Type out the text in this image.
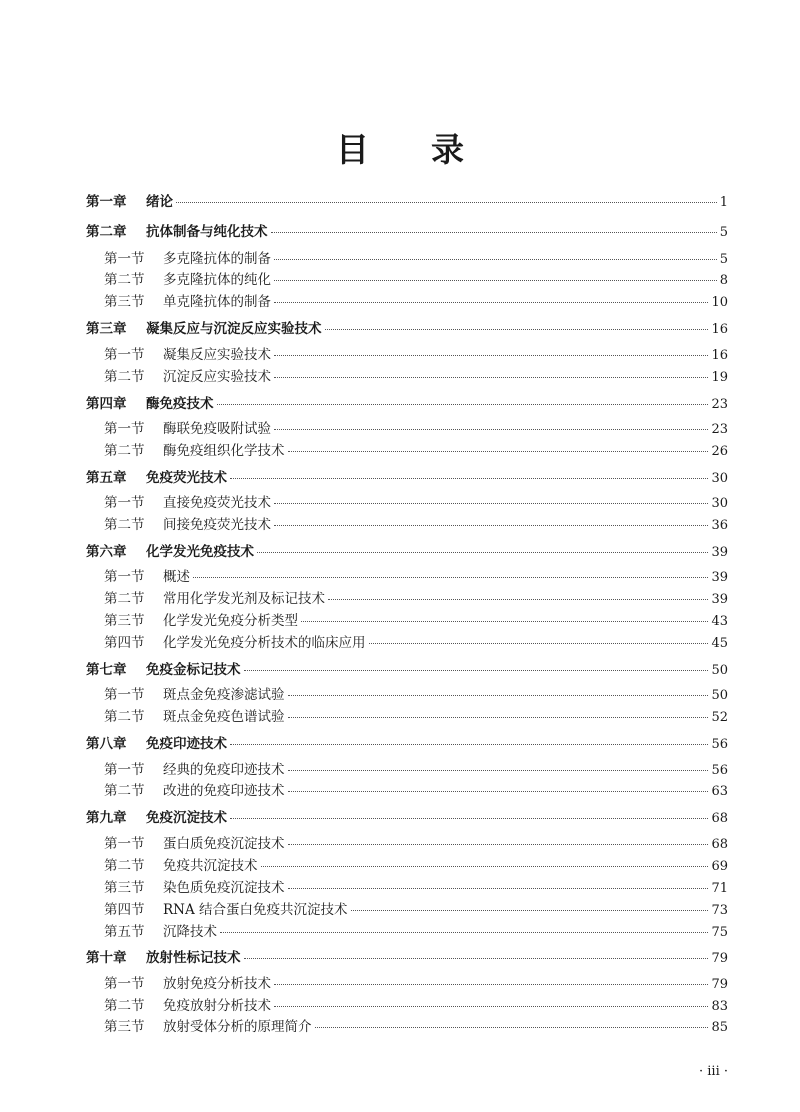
目 录
第一章	绪论	1
第二章	抗体制备与纯化技术	5
第一节	多克隆抗体的制备	5
第二节	多克隆抗体的纯化	8
第三节	单克隆抗体的制备	10
第三章	凝集反应与沉淀反应实验技术	16
第一节	凝集反应实验技术	16
第二节	沉淀反应实验技术	19
第四章	酶免疫技术	23
第一节	酶联免疫吸附试验	23
第二节	酶免疫组织化学技术	26
第五章	免疫荧光技术	30
第一节	直接免疫荧光技术	30
第二节	间接免疫荧光技术	36
第六章	化学发光免疫技术	39
第一节	概述	39
第二节	常用化学发光剂及标记技术	39
第三节	化学发光免疫分析类型	43
第四节	化学发光免疫分析技术的临床应用	45
第七章	免疫金标记技术	50
第一节	斑点金免疫渗滤试验	50
第二节	斑点金免疫色谱试验	52
第八章	免疫印迹技术	56
第一节	经典的免疫印迹技术	56
第二节	改进的免疫印迹技术	63
第九章	免疫沉淀技术	68
第一节	蛋白质免疫沉淀技术	68
第二节	免疫共沉淀技术	69
第三节	染色质免疫沉淀技术	71
第四节	RNA 结合蛋白免疫共沉淀技术	73
第五节	沉降技术	75
第十章	放射性标记技术	79
第一节	放射免疫分析技术	79
第二节	免疫放射分析技术	83
第三节	放射受体分析的原理简介	85
· iii ·
